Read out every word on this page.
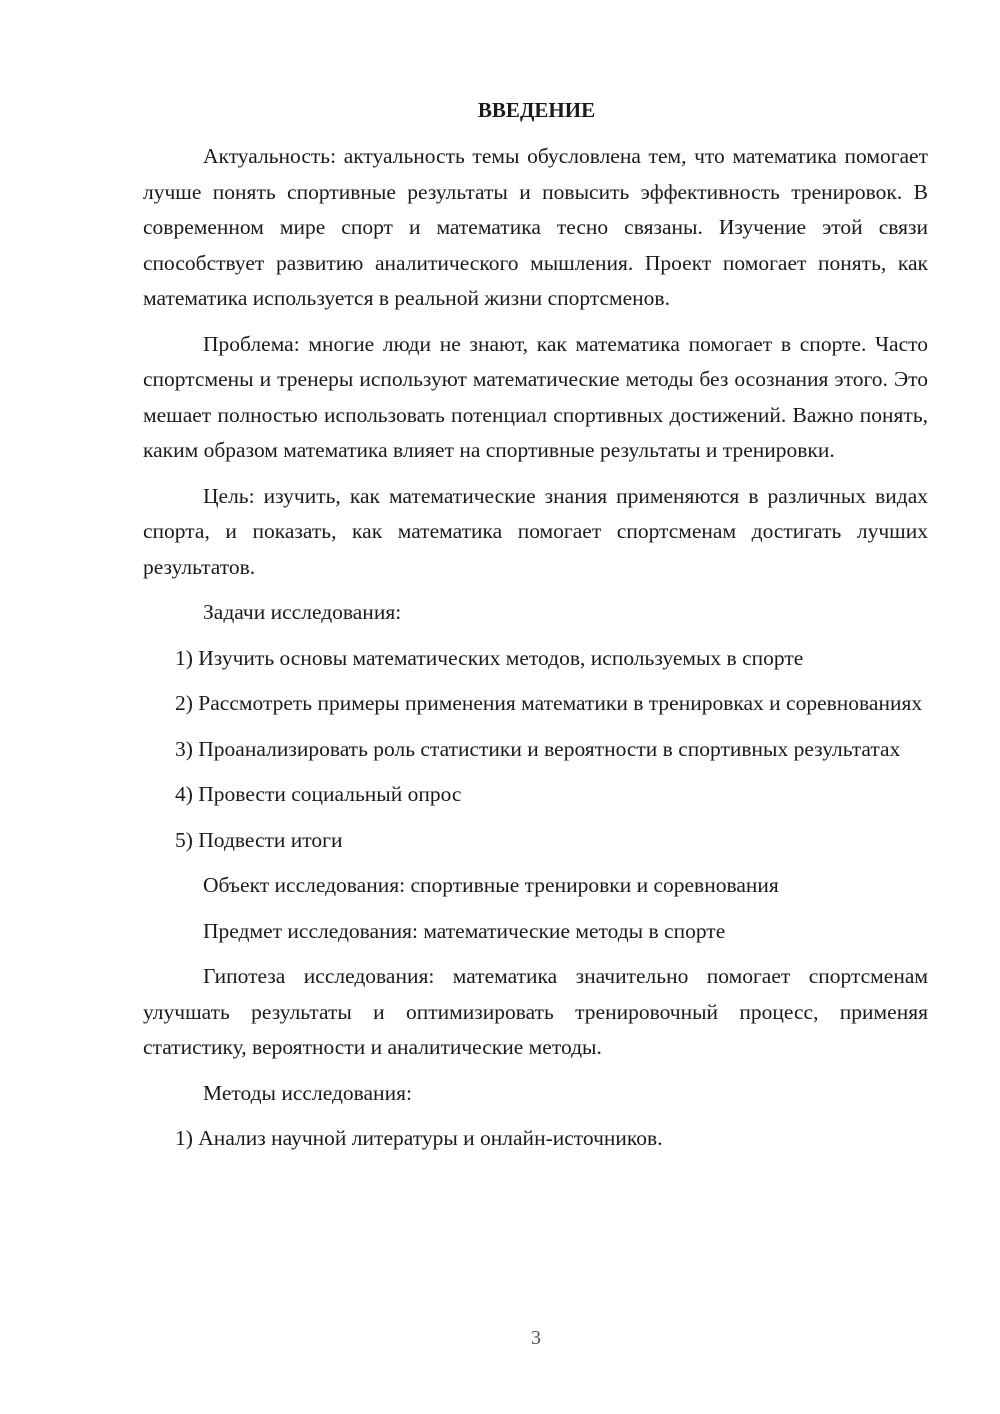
ВВЕДЕНИЕ

Актуальность: актуальность темы обусловлена тем, что математика помогает лучше понять спортивные результаты и повысить эффективность тренировок. В современном мире спорт и математика тесно связаны. Изучение этой связи способствует развитию аналитического мышления. Проект помогает понять, как математика используется в реальной жизни спортсменов.

Проблема: многие люди не знают, как математика помогает в спорте. Часто спортсмены и тренеры используют математические методы без осознания этого. Это мешает полностью использовать потенциал спортивных достижений. Важно понять, каким образом математика влияет на спортивные результаты и тренировки.

Цель: изучить, как математические знания применяются в различных видах спорта, и показать, как математика помогает спортсменам достигать лучших результатов.

Задачи исследования:

1) Изучить основы математических методов, используемых в спорте

2) Рассмотреть примеры применения математики в тренировках и соревнованиях

3) Проанализировать роль статистики и вероятности в спортивных результатах

4) Провести социальный опрос

5) Подвести итоги

Объект исследования: спортивные тренировки и соревнования

Предмет исследования: математические методы в спорте

Гипотеза исследования: математика значительно помогает спортсменам улучшать результаты и оптимизировать тренировочный процесс, применяя статистику, вероятности и аналитические методы.

Методы исследования:

1) Анализ научной литературы и онлайн-источников.

3
